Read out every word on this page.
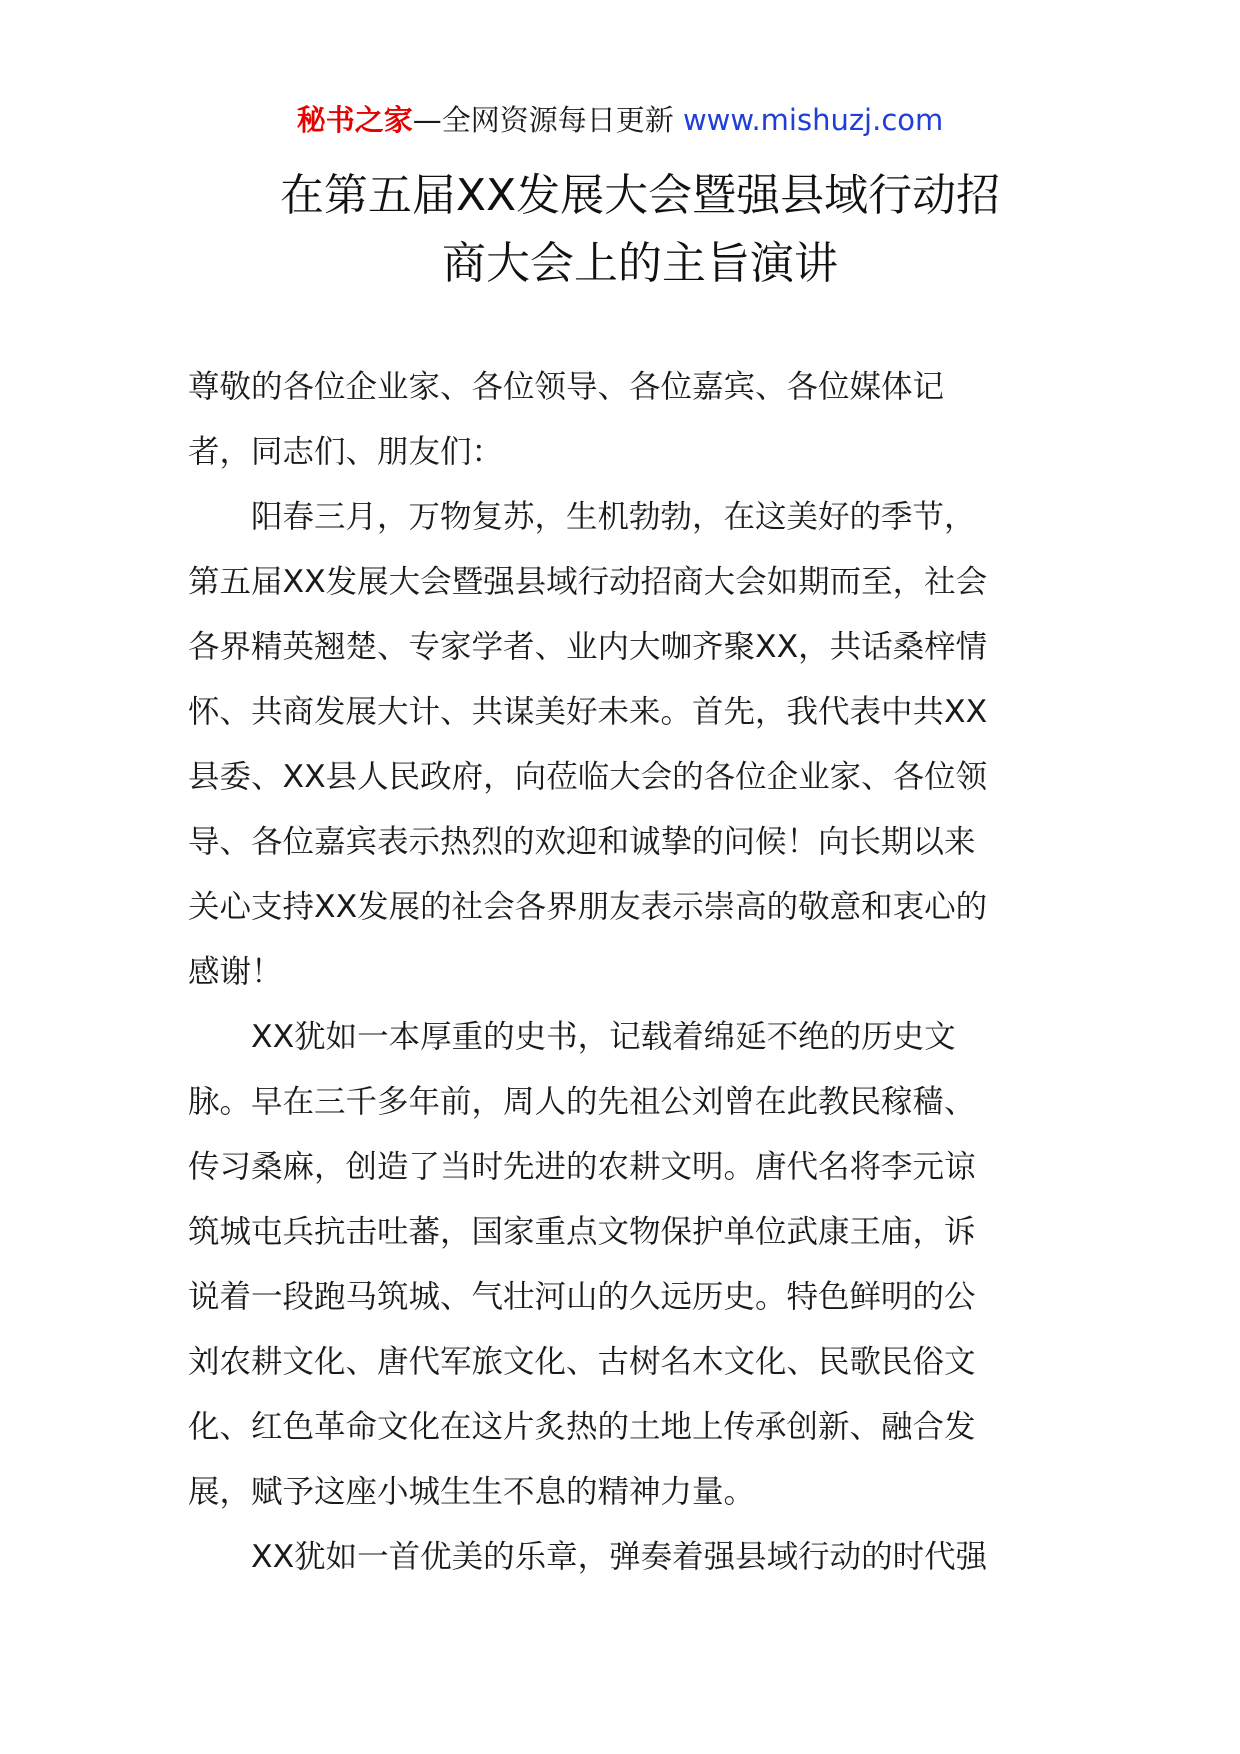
秘书之家—全网资源每日更新 www.mishuzj.com
在第五届XX发展大会暨强县域行动招
商大会上的主旨演讲

尊敬的各位企业家、各位领导、各位嘉宾、各位媒体记
者，同志们、朋友们：

阳春三月，万物复苏，生机勃勃，在这美好的季节，
第五届XX发展大会暨强县域行动招商大会如期而至，社会
各界精英翘楚、专家学者、业内大咖齐聚XX，共话桑梓情
怀、共商发展大计、共谋美好未来。首先，我代表中共XX
县委、XX县人民政府，向莅临大会的各位企业家、各位领
导、各位嘉宾表示热烈的欢迎和诚挚的问候！向长期以来
关心支持XX发展的社会各界朋友表示崇高的敬意和衷心的
感谢！

XX犹如一本厚重的史书，记载着绵延不绝的历史文
脉。早在三千多年前，周人的先祖公刘曾在此教民稼穑、
传习桑麻，创造了当时先进的农耕文明。唐代名将李元谅
筑城屯兵抗击吐蕃，国家重点文物保护单位武康王庙，诉
说着一段跑马筑城、气壮河山的久远历史。特色鲜明的公
刘农耕文化、唐代军旅文化、古树名木文化、民歌民俗文
化、红色革命文化在这片炙热的土地上传承创新、融合发
展，赋予这座小城生生不息的精神力量。

XX犹如一首优美的乐章，弹奏着强县域行动的时代强
